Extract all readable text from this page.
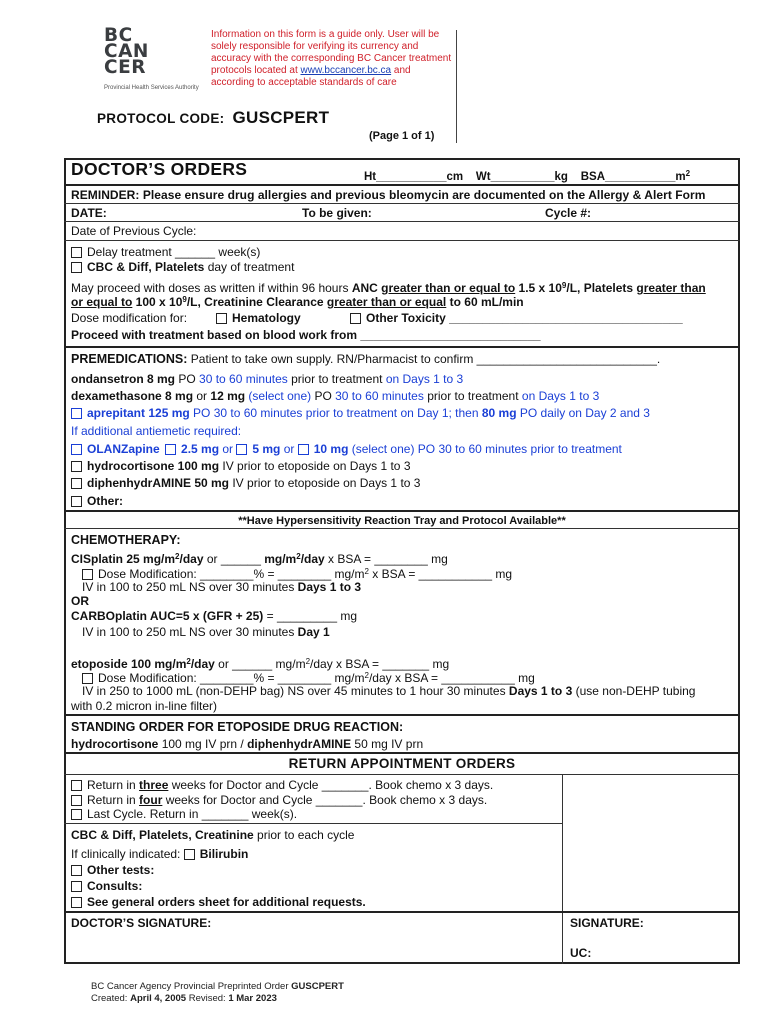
BC
CAN
CER
Provincial Health Services Authority
Information on this form is a guide only. User will be solely responsible for verifying its currency and accuracy with the corresponding BC Cancer treatment protocols located at www.bccancer.bc.ca and according to acceptable standards of care
PROTOCOL CODE: GUSCPERT
(Page 1 of 1)
DOCTOR’S ORDERS	Ht___________cm Wt__________kg $BSA\_\_\_\_\_\_\_\_\_\_\_m^2$
REMINDER: Please ensure drug allergies and previous bleomycin are documented on the Allergy & Alert Form
DATE:	To be given:	Cycle #:
Date of Previous Cycle:
Delay treatment ______ week(s)
CBC & Diff, Platelets day of treatment
May proceed with doses as written if within 96 hours ANC greater than or equal to 1.5 x $10^9/L$, Platelets greater than
or equal to 100 x $10^9/L$, Creatinine Clearance greater than or equal to 60 mL/min
Dose modification for:	Hematology	Other Toxicity ___________________________________
Proceed with treatment based on blood work from ___________________________
PREMEDICATIONS: Patient to take own supply. RN/Pharmacist to confirm ___________________________.
ondansetron 8 mg PO 30 to 60 minutes prior to treatment on Days 1 to 3
dexamethasone 8 mg or 12 mg (select one) PO 30 to 60 minutes prior to treatment on Days 1 to 3
aprepitant 125 mg PO 30 to 60 minutes prior to treatment on Day 1; then 80 mg PO daily on Day 2 and 3
If additional antiemetic required:
OLANZapine 2.5 mg or 5 mg or 10 mg (select one) PO 30 to 60 minutes prior to treatment
hydrocortisone 100 mg IV prior to etoposide on Days 1 to 3
diphenhydrAMINE 50 mg IV prior to etoposide on Days 1 to 3
Other:
**Have Hypersensitivity Reaction Tray and Protocol Available**
CHEMOTHERAPY:
CISplatin 25 $mg/m^2$/day or ______ $mg/m^2$/day x BSA = ________ mg
Dose Modification: ________% = ________ $mg/m^2$ x BSA = ___________ mg
IV in 100 to 250 mL NS over 30 minutes Days 1 to 3
OR
CARBOplatin AUC=5 x (GFR + 25) = _________ mg
IV in 100 to 250 mL NS over 30 minutes Day 1
etoposide 100 $mg/m^2$/day or ______ $mg/m^2$/day x BSA = _______ mg
Dose Modification: ________% = ________ $mg/m^2$/day x BSA = ___________ mg
IV in 250 to 1000 mL (non-DEHP bag) NS over 45 minutes to 1 hour 30 minutes Days 1 to 3 (use non-DEHP tubing
with 0.2 micron in-line filter)
STANDING ORDER FOR ETOPOSIDE DRUG REACTION:
hydrocortisone 100 mg IV prn / diphenhydrAMINE 50 mg IV prn
RETURN APPOINTMENT ORDERS
Return in three weeks for Doctor and Cycle _______. Book chemo x 3 days.
Return in four weeks for Doctor and Cycle _______. Book chemo x 3 days.
Last Cycle. Return in _______ week(s).
CBC & Diff, Platelets, Creatinine prior to each cycle
If clinically indicated: Bilirubin
Other tests:
Consults:
See general orders sheet for additional requests.
DOCTOR’S SIGNATURE:	SIGNATURE:
UC:
BC Cancer Agency Provincial Preprinted Order GUSCPERT
Created: April 4, 2005 Revised: 1 Mar 2023
